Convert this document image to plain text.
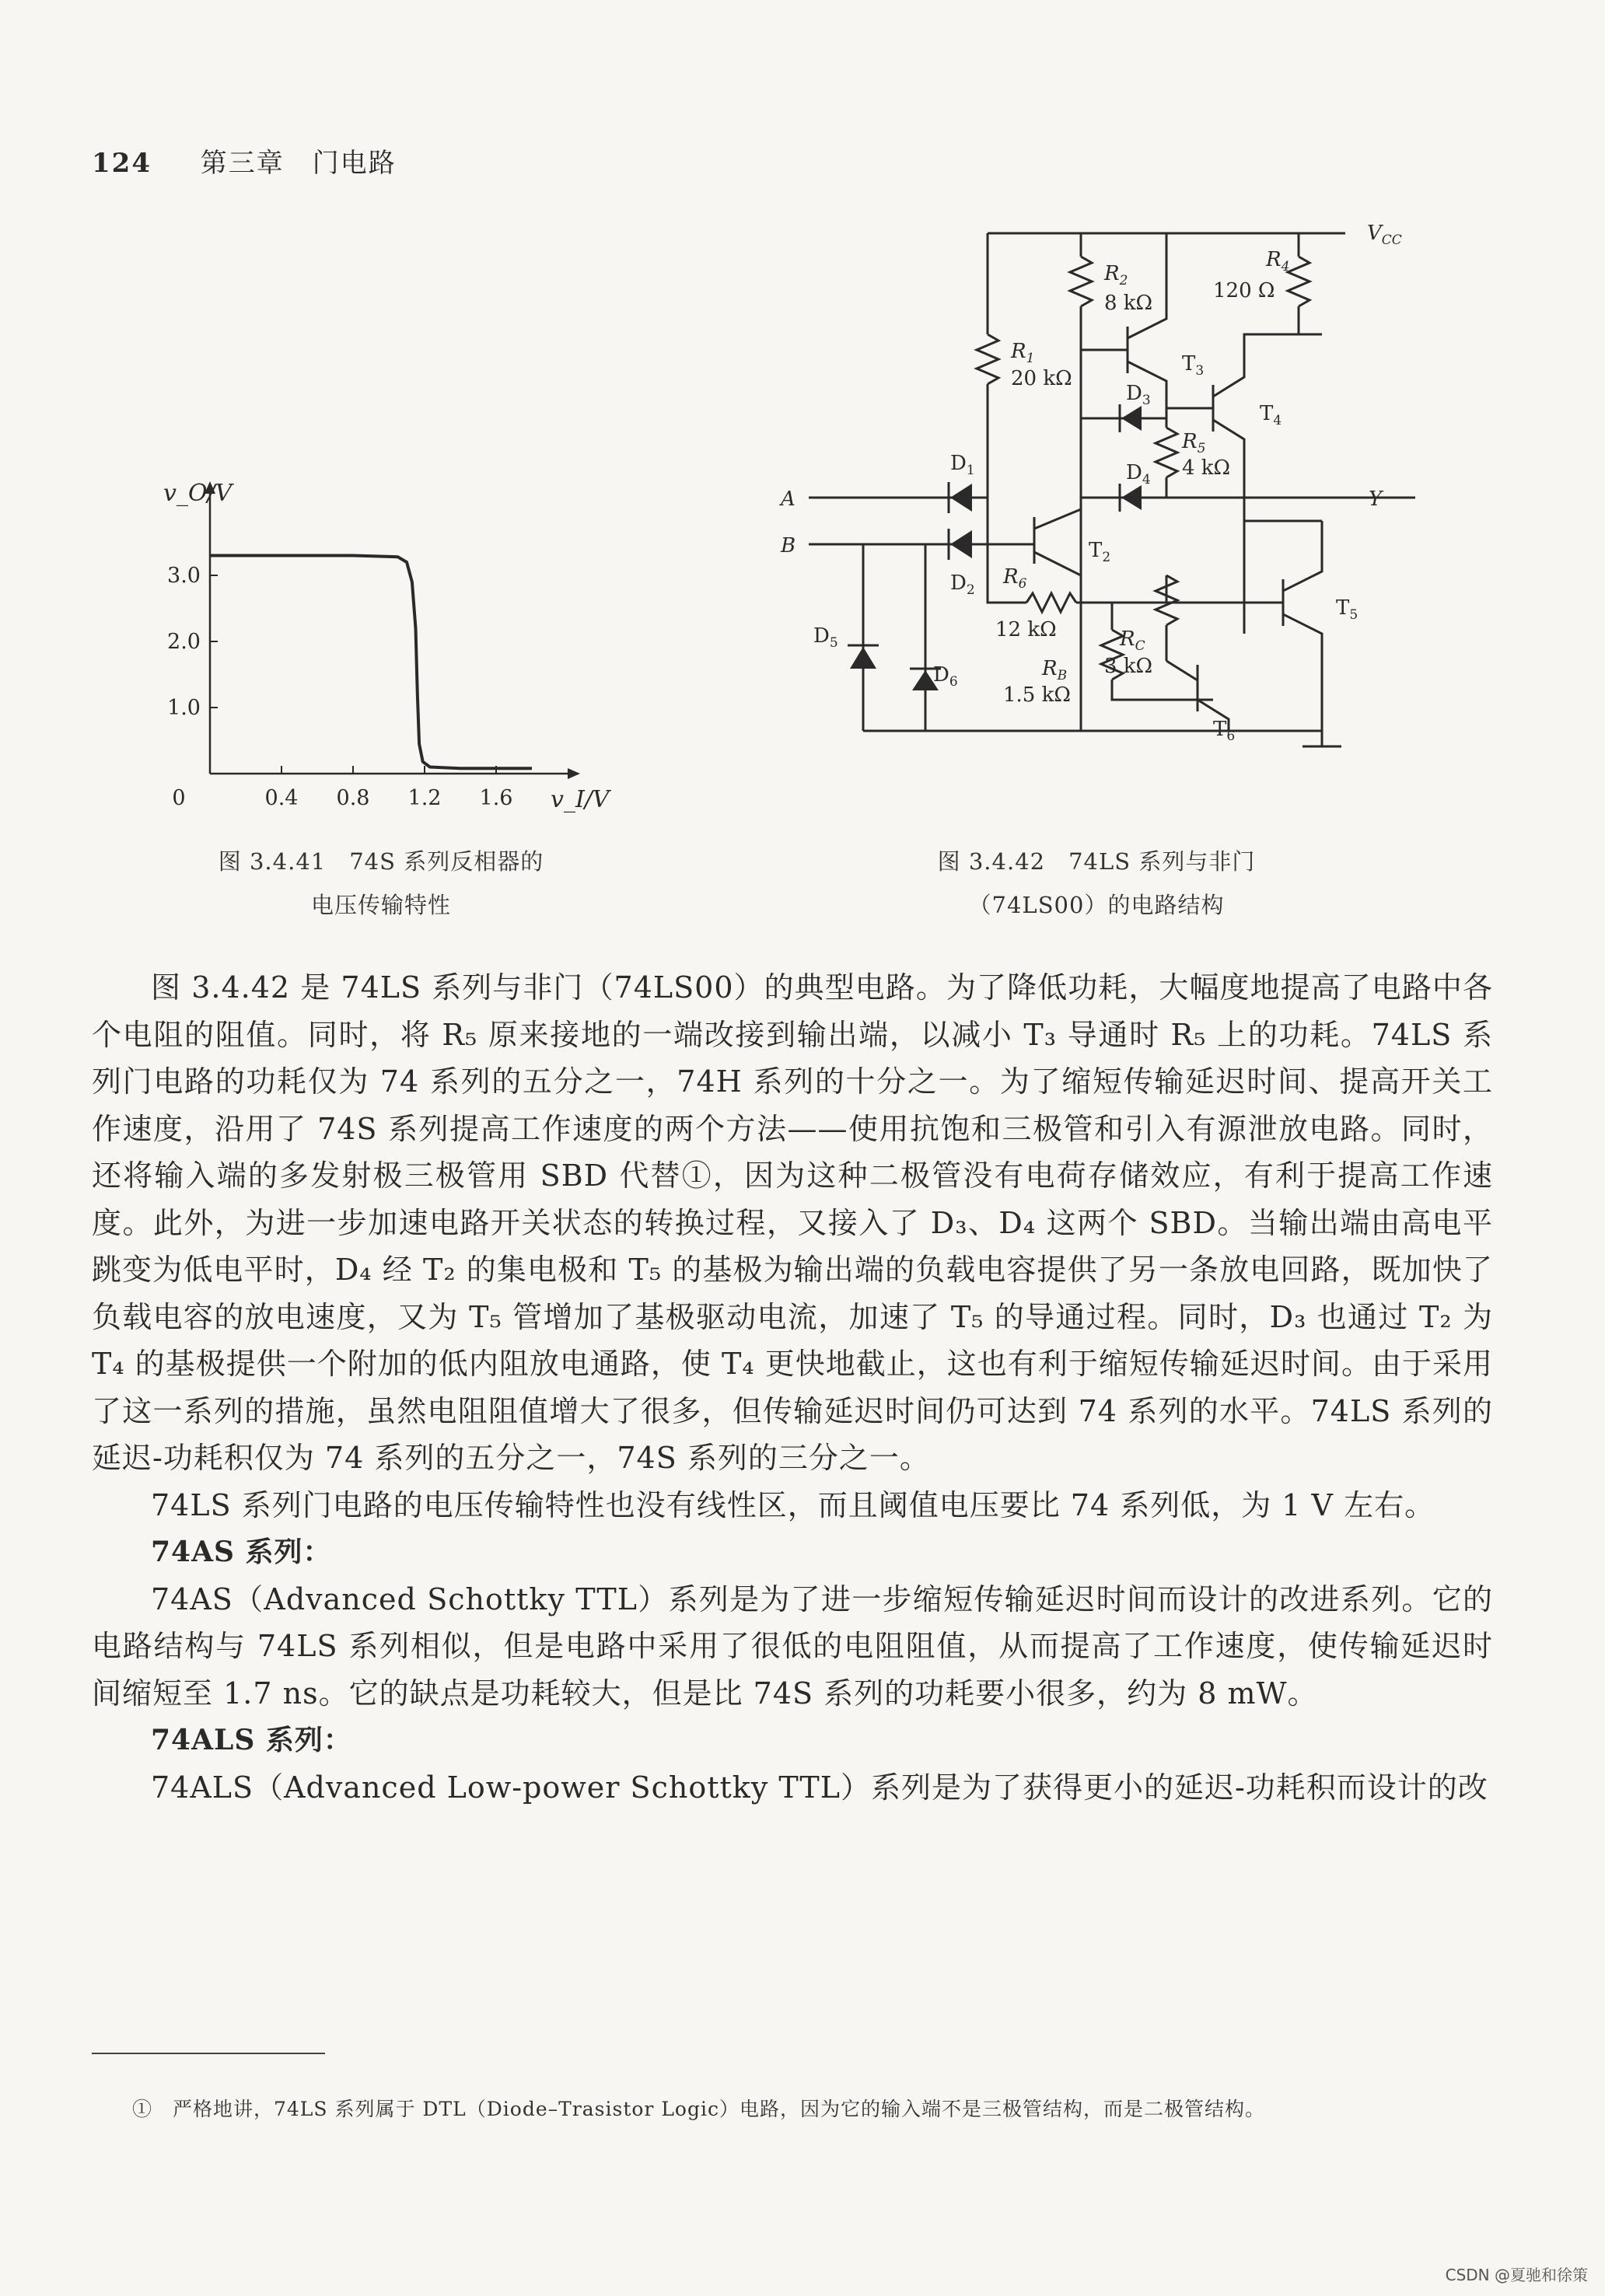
124 第三章　门电路
0	0.4 0.8 1.2 1.6
1.0
2.0
3.0
v_O/V
v_I/V
图 3.4.41　74S 系列反相器的
电压传输特性
$V_{CC}$
$R_1$
20 kΩ
$R_2$
8 kΩ
$R_4$
120 Ω
$R_5$
4 kΩ
$R_6$
12 kΩ
$R_B$
1.5 kΩ
$R_C$
3 kΩ
$T_3$
$T_4$
$T_2$
$T_5$
$T_6$
$D_1$
$D_2$
$D_3$
$D_4$
$D_5$
$D_6$
A
B
Y
图 3.4.42　74LS 系列与非门
（74LS00）的电路结构

图 3.4.42 是 74LS 系列与非门（74LS00）的典型电路。为了降低功耗，大幅度地提高了电路中各个电阻的阻值。同时，将 R₅ 原来接地的一端改接到输出端，以减小 T₃ 导通时 R₅ 上的功耗。74LS 系列门电路的功耗仅为 74 系列的五分之一，74H 系列的十分之一。为了缩短传输延迟时间、提高开关工作速度，沿用了 74S 系列提高工作速度的两个方法——使用抗饱和三极管和引入有源泄放电路。同时，还将输入端的多发射极三极管用 SBD 代替①，因为这种二极管没有电荷存储效应，有利于提高工作速度。此外，为进一步加速电路开关状态的转换过程，又接入了 D₃、D₄ 这两个 SBD。当输出端由高电平跳变为低电平时，D₄ 经 T₂ 的集电极和 T₅ 的基极为输出端的负载电容提供了另一条放电回路，既加快了负载电容的放电速度，又为 T₅ 管增加了基极驱动电流，加速了 T₅ 的导通过程。同时，D₃ 也通过 T₂ 为 T₄ 的基极提供一个附加的低内阻放电通路，使 T₄ 更快地截止，这也有利于缩短传输延迟时间。由于采用了这一系列的措施，虽然电阻阻值增大了很多，但传输延迟时间仍可达到 74 系列的水平。74LS 系列的延迟-功耗积仅为 74 系列的五分之一，74S 系列的三分之一。

74LS 系列门电路的电压传输特性也没有线性区，而且阈值电压要比 74 系列低，为 1 V 左右。

74AS 系列：

74AS（Advanced Schottky TTL）系列是为了进一步缩短传输延迟时间而设计的改进系列。它的电路结构与 74LS 系列相似，但是电路中采用了很低的电阻阻值，从而提高了工作速度，使传输延迟时间缩短至 1.7 ns。它的缺点是功耗较大，但是比 74S 系列的功耗要小很多，约为 8 mW。

74ALS 系列：

74ALS（Advanced Low-power Schottky TTL）系列是为了获得更小的延迟-功耗积而设计的改

①　严格地讲，74LS 系列属于 DTL（Diode–Trasistor Logic）电路，因为它的输入端不是三极管结构，而是二极管结构。
CSDN @夏驰和徐策
